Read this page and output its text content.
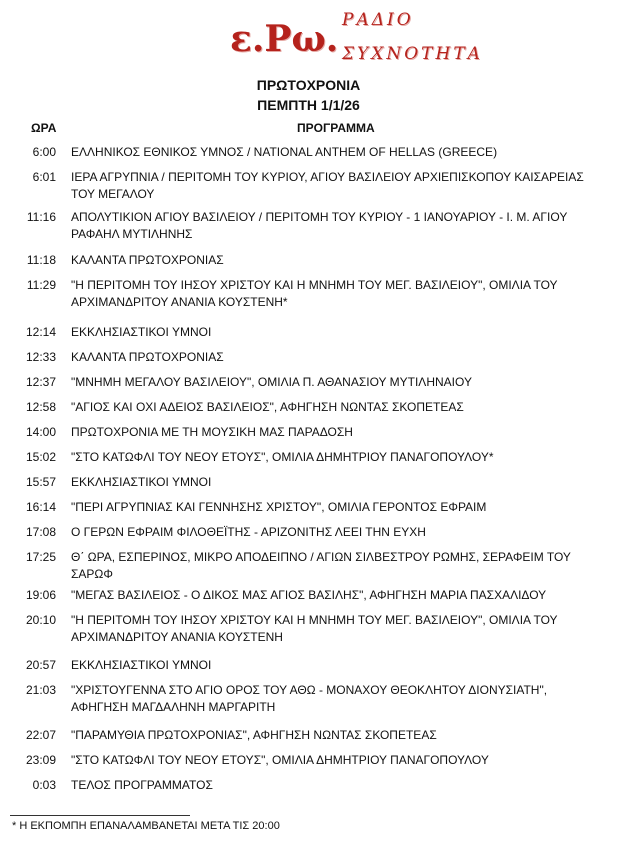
ε.Ρω. ΡΑΔΙΟ
ΣΥΧΝΟΤΗΤΑ
ΠΡΩΤΟΧΡΟΝΙΑ
ΠΕΜΠΤΗ 1/1/26
ΩΡΑ	ΠΡΟΓΡΑΜΜΑ
6:00 ΕΛΛΗΝΙΚΟΣ ΕΘΝΙΚΟΣ ΥΜΝΟΣ / NATIONAL ANTHEM OF HELLAS (GREECE)
6:01 ΙΕΡΑ ΑΓΡΥΠΝΙΑ / ΠΕΡΙΤΟΜΗ ΤΟΥ ΚΥΡΙΟΥ, ΑΓΙΟΥ ΒΑΣΙΛΕΙΟΥ ΑΡΧΙΕΠΙΣΚΟΠΟΥ ΚΑΙΣΑΡΕΙΑΣ ΤΟΥ ΜΕΓΑΛΟΥ
11:16 ΑΠΟΛΥΤΙΚΙΟΝ ΑΓΙΟΥ ΒΑΣΙΛΕΙΟΥ / ΠΕΡΙΤΟΜΗ ΤΟΥ ΚΥΡΙΟΥ - 1 ΙΑΝΟΥΑΡΙΟΥ - Ι. Μ. ΑΓΙΟΥ ΡΑΦΑΗΛ ΜΥΤΙΛΗΝΗΣ
11:18 ΚΑΛΑΝΤΑ ΠΡΩΤΟΧΡΟΝΙΑΣ
11:29 "Η ΠΕΡΙΤΟΜΗ ΤΟΥ ΙΗΣΟΥ ΧΡΙΣΤΟΥ ΚΑΙ Η ΜΝΗΜΗ ΤΟΥ ΜΕΓ. ΒΑΣΙΛΕΙΟΥ", ΟΜΙΛΙΑ ΤΟΥ ΑΡΧΙΜΑΝΔΡΙΤΟΥ ΑΝΑΝΙΑ ΚΟΥΣΤΕΝΗ*
12:14 ΕΚΚΛΗΣΙΑΣΤΙΚΟΙ ΥΜΝΟΙ
12:33 ΚΑΛΑΝΤΑ ΠΡΩΤΟΧΡΟΝΙΑΣ
12:37 "ΜΝΗΜΗ ΜΕΓΑΛΟΥ ΒΑΣΙΛΕΙΟΥ", ΟΜΙΛΙΑ Π. ΑΘΑΝΑΣΙΟΥ ΜΥΤΙΛΗΝΑΙΟΥ
12:58 "ΑΓΙΟΣ ΚΑΙ ΟΧΙ ΑΔΕΙΟΣ ΒΑΣΙΛΕΙΟΣ", ΑΦΗΓΗΣΗ ΝΩΝΤΑΣ ΣΚΟΠΕΤΕΑΣ
14:00 ΠΡΩΤΟΧΡΟΝΙΑ ΜΕ ΤΗ ΜΟΥΣΙΚΗ ΜΑΣ ΠΑΡΑΔΟΣΗ
15:02 "ΣΤΟ ΚΑΤΩΦΛΙ ΤΟΥ ΝΕΟΥ ΕΤΟΥΣ", ΟΜΙΛΙΑ ΔΗΜΗΤΡΙΟΥ ΠΑΝΑΓΟΠΟΥΛΟΥ*
15:57 ΕΚΚΛΗΣΙΑΣΤΙΚΟΙ ΥΜΝΟΙ
16:14 "ΠΕΡΙ ΑΓΡΥΠΝΙΑΣ ΚΑΙ ΓΕΝΝΗΣΗΣ ΧΡΙΣΤΟΥ", ΟΜΙΛΙΑ ΓΕΡΟΝΤΟΣ ΕΦΡΑΙΜ
17:08 Ο ΓΕΡΩΝ ΕΦΡΑΙΜ ΦΙΛΟΘΕΪΤΗΣ - ΑΡΙΖΟΝΙΤΗΣ ΛΕΕΙ ΤΗΝ ΕΥΧΗ
17:25 Θ΄ ΩΡΑ, ΕΣΠΕΡΙΝΟΣ, ΜΙΚΡΟ ΑΠΟΔΕΙΠΝΟ / ΑΓΙΩΝ ΣΙΛΒΕΣΤΡΟΥ ΡΩΜΗΣ, ΣΕΡΑΦΕΙΜ ΤΟΥ ΣΑΡΩΦ
19:06 "ΜΕΓΑΣ ΒΑΣΙΛΕΙΟΣ - Ο ΔΙΚΟΣ ΜΑΣ ΑΓΙΟΣ ΒΑΣΙΛΗΣ", ΑΦΗΓΗΣΗ ΜΑΡΙΑ ΠΑΣΧΑΛΙΔΟΥ
20:10 "Η ΠΕΡΙΤΟΜΗ ΤΟΥ ΙΗΣΟΥ ΧΡΙΣΤΟΥ ΚΑΙ Η ΜΝΗΜΗ ΤΟΥ ΜΕΓ. ΒΑΣΙΛΕΙΟΥ", ΟΜΙΛΙΑ ΤΟΥ ΑΡΧΙΜΑΝΔΡΙΤΟΥ ΑΝΑΝΙΑ ΚΟΥΣΤΕΝΗ
20:57 ΕΚΚΛΗΣΙΑΣΤΙΚΟΙ ΥΜΝΟΙ
21:03 "ΧΡΙΣΤΟΥΓΕΝΝΑ ΣΤΟ ΑΓΙΟ ΟΡΟΣ ΤΟΥ ΑΘΩ - ΜΟΝΑΧΟΥ ΘΕΟΚΛΗΤΟΥ ΔΙΟΝΥΣΙΑΤΗ", ΑΦΗΓΗΣΗ ΜΑΓΔΑΛΗΝΗ ΜΑΡΓΑΡΙΤΗ
22:07 "ΠΑΡΑΜΥΘΙΑ ΠΡΩΤΟΧΡΟΝΙΑΣ", ΑΦΗΓΗΣΗ ΝΩΝΤΑΣ ΣΚΟΠΕΤΕΑΣ
23:09 "ΣΤΟ ΚΑΤΩΦΛΙ ΤΟΥ ΝΕΟΥ ΕΤΟΥΣ", ΟΜΙΛΙΑ ΔΗΜΗΤΡΙΟΥ ΠΑΝΑΓΟΠΟΥΛΟΥ
0:03 ΤΕΛΟΣ ΠΡΟΓΡΑΜΜΑΤΟΣ
* Η ΕΚΠΟΜΠΗ ΕΠΑΝΑΛΑΜΒΑΝΕΤΑΙ ΜΕΤΑ ΤΙΣ 20:00
